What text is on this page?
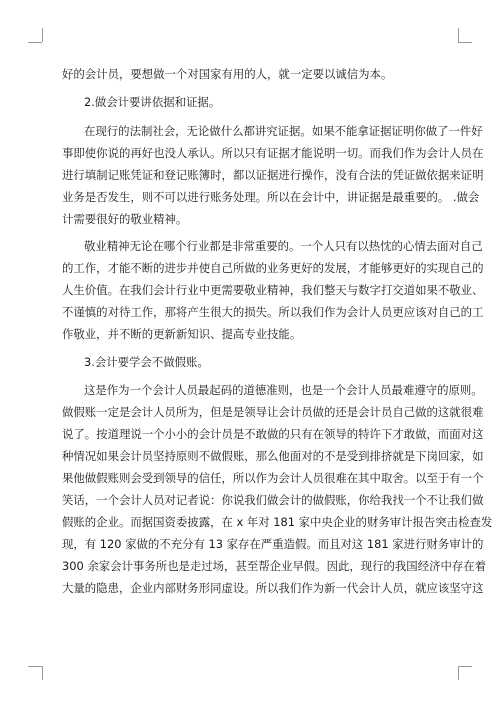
好的会计员，要想做一个对国家有用的人，就一定要以诚信为本。
2.做会计要讲依据和证据。
在现行的法制社会，无论做什么都讲究证据。如果不能拿证据证明你做了一件好
事即使你说的再好也没人承认。所以只有证据才能说明一切。而我们作为会计人员在
进行填制记账凭证和登记账簿时，都以证据进行操作，没有合法的凭证做依据来证明
业务是否发生，则不可以进行账务处理。所以在会计中，讲证据是最重要的。 .做会
计需要很好的敬业精神。
敬业精神无论在哪个行业都是非常重要的。一个人只有以热忱的心情去面对自己
的工作，才能不断的进步并使自己所做的业务更好的发展，才能够更好的实现自己的
人生价值。在我们会计行业中更需要敬业精神，我们整天与数字打交道如果不敬业、
不谨慎的对待工作，那将产生很大的损失。所以我们作为会计人员更应该对自己的工
作敬业，并不断的更新新知识、提高专业技能。
3.会计要学会不做假账。
这是作为一个会计人员最起码的道德准则，也是一个会计人员最难遵守的原则。
做假账一定是会计人员所为，但是是领导让会计员做的还是会计员自己做的这就很难
说了。按道理说一个小小的会计员是不敢做的只有在领导的特许下才敢做，而面对这
种情况如果会计员坚持原则不做假账，那么他面对的不是受到排挤就是下岗回家，如
果他做假账则会受到领导的信任，所以作为会计人员很难在其中取舍。以至于有一个
笑话，一个会计人员对记者说：你说我们做会计的做假账，你给我找一个不让我们做
假账的企业。而据国资委披露，在 x 年对 181 家中央企业的财务审计报告突击检查发
现，有 120 家做的不充分有 13 家存在严重造假。而且对这 181 家进行财务审计的
300 余家会计事务所也是走过场，甚至帮企业早假。因此，现行的我国经济中存在着
大量的隐患，企业内部财务形同虚设。所以我们作为新一代会计人员，就应该坚守这
